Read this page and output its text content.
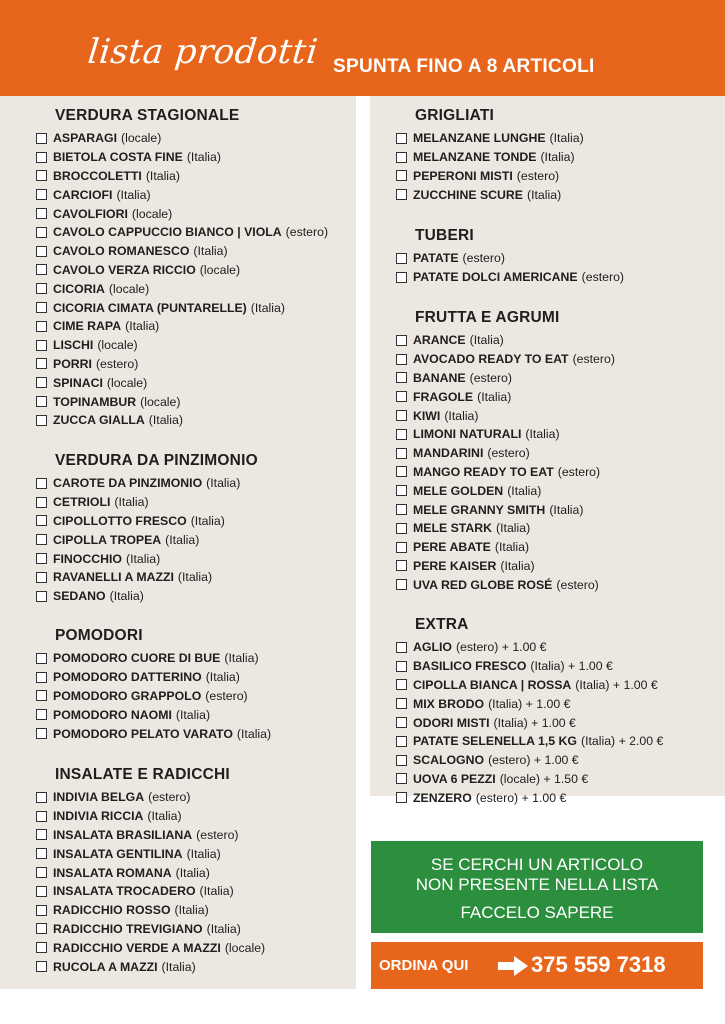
lista prodotti SPUNTA FINO A 8 ARTICOLI
VERDURA STAGIONALE
ASPARAGI (locale)
BIETOLA COSTA FINE (Italia)
BROCCOLETTI (Italia)
CARCIOFI (Italia)
CAVOLFIORI (locale)
CAVOLO CAPPUCCIO BIANCO | VIOLA (estero)
CAVOLO ROMANESCO (Italia)
CAVOLO VERZA RICCIO (locale)
CICORIA (locale)
CICORIA CIMATA (PUNTARELLE) (Italia)
CIME RAPA (Italia)
LISCHI (locale)
PORRI (estero)
SPINACI (locale)
TOPINAMBUR (locale)
ZUCCA GIALLA (Italia)
VERDURA DA PINZIMONIO
CAROTE DA PINZIMONIO (Italia)
CETRIOLI (Italia)
CIPOLLOTTO FRESCO (Italia)
CIPOLLA TROPEA (Italia)
FINOCCHIO (Italia)
RAVANELLI A MAZZI (Italia)
SEDANO (Italia)
POMODORI
POMODORO CUORE DI BUE (Italia)
POMODORO DATTERINO (Italia)
POMODORO GRAPPOLO (estero)
POMODORO NAOMI (Italia)
POMODORO PELATO VARATO (Italia)
INSALATE E RADICCHI
INDIVIA BELGA (estero)
INDIVIA RICCIA (Italia)
INSALATA BRASILIANA (estero)
INSALATA GENTILINA (Italia)
INSALATA ROMANA (Italia)
INSALATA TROCADERO (Italia)
RADICCHIO ROSSO (Italia)
RADICCHIO TREVIGIANO (Italia)
RADICCHIO VERDE A MAZZI (locale)
RUCOLA A MAZZI (Italia)
GRIGLIATI
MELANZANE LUNGHE (Italia)
MELANZANE TONDE (Italia)
PEPERONI MISTI (estero)
ZUCCHINE SCURE (Italia)
TUBERI
PATATE (estero)
PATATE DOLCI AMERICANE (estero)
FRUTTA E AGRUMI
ARANCE (Italia)
AVOCADO READY TO EAT (estero)
BANANE (estero)
FRAGOLE (Italia)
KIWI (Italia)
LIMONI NATURALI (Italia)
MANDARINI (estero)
MANGO READY TO EAT (estero)
MELE GOLDEN (Italia)
MELE GRANNY SMITH (Italia)
MELE STARK (Italia)
PERE ABATE (Italia)
PERE KAISER (Italia)
UVA RED GLOBE ROSÉ (estero)
EXTRA
AGLIO (estero) + 1.00 €
BASILICO FRESCO (Italia) + 1.00 €
CIPOLLA BIANCA | ROSSA (Italia) + 1.00 €
MIX BRODO (Italia) + 1.00 €
ODORI MISTI (Italia) + 1.00 €
PATATE SELENELLA 1,5 KG (Italia) + 2.00 €
SCALOGNO (estero) + 1.00 €
UOVA 6 PEZZI (locale) + 1.50 €
ZENZERO (estero) + 1.00 €
SE CERCHI UN ARTICOLO
NON PRESENTE NELLA LISTA
FACCELO SAPERE
ORDINA QUI	375 559 7318
